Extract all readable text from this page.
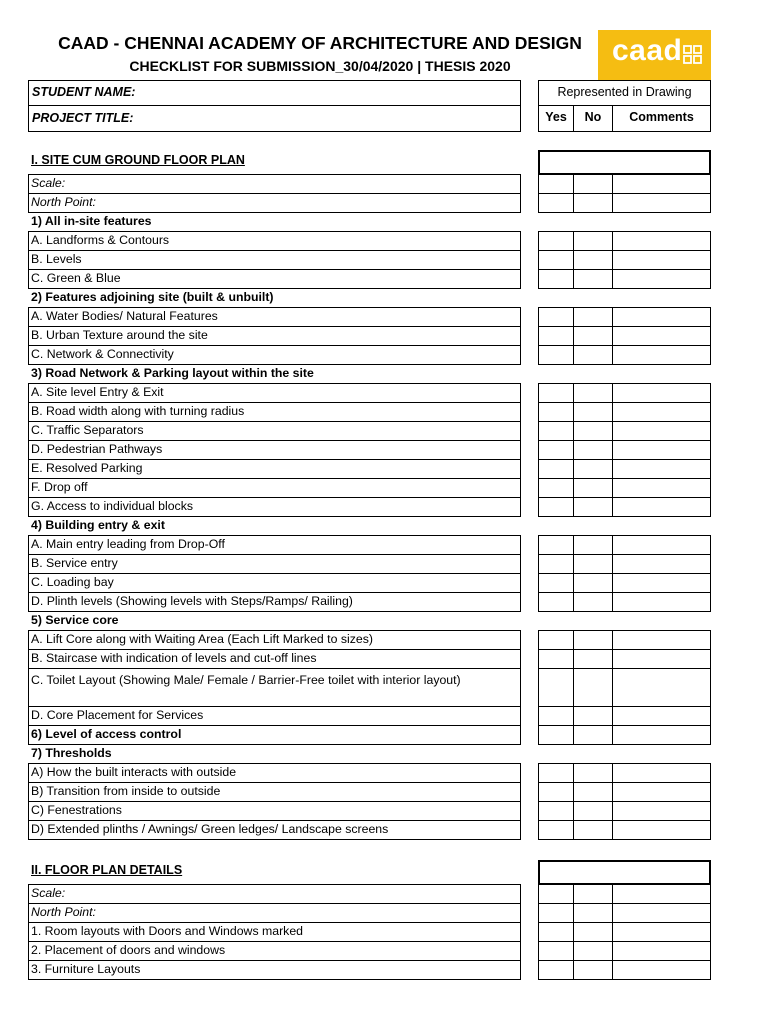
CAAD - CHENNAI ACADEMY OF ARCHITECTURE AND DESIGN
CHECKLIST FOR SUBMISSION_30/04/2020 | THESIS 2020	caad
STUDENT NAME:
PROJECT TITLE:
Represented in Drawing
Yes	No	Comments
I. SITE CUM GROUND FLOOR PLAN
Scale:
North Point:
1) All in-site features
A. Landforms & Contours
B. Levels
C. Green & Blue
2) Features adjoining site (built & unbuilt)
A. Water Bodies/ Natural Features
B. Urban Texture around the site
C. Network & Connectivity
3) Road Network & Parking layout within the site
A. Site level Entry & Exit
B. Road width along with turning radius
C. Traffic Separators
D. Pedestrian Pathways
E. Resolved Parking
F. Drop off
G. Access to individual blocks
4) Building entry & exit
A. Main entry leading from Drop-Off
B. Service entry
C. Loading bay
D. Plinth levels (Showing levels with Steps/Ramps/ Railing)
5) Service core
A. Lift Core along with Waiting Area (Each Lift Marked to sizes)
B. Staircase with indication of levels and cut-off lines
C. Toilet Layout (Showing Male/ Female / Barrier-Free toilet with interior layout)
D. Core Placement for Services
6) Level of access control
7) Thresholds
A) How the built interacts with outside
B) Transition from inside to outside
C) Fenestrations
D) Extended plinths / Awnings/ Green ledges/ Landscape screens
II. FLOOR PLAN DETAILS
Scale:
North Point:
1. Room layouts with Doors and Windows marked
2. Placement of doors and windows
3. Furniture Layouts
